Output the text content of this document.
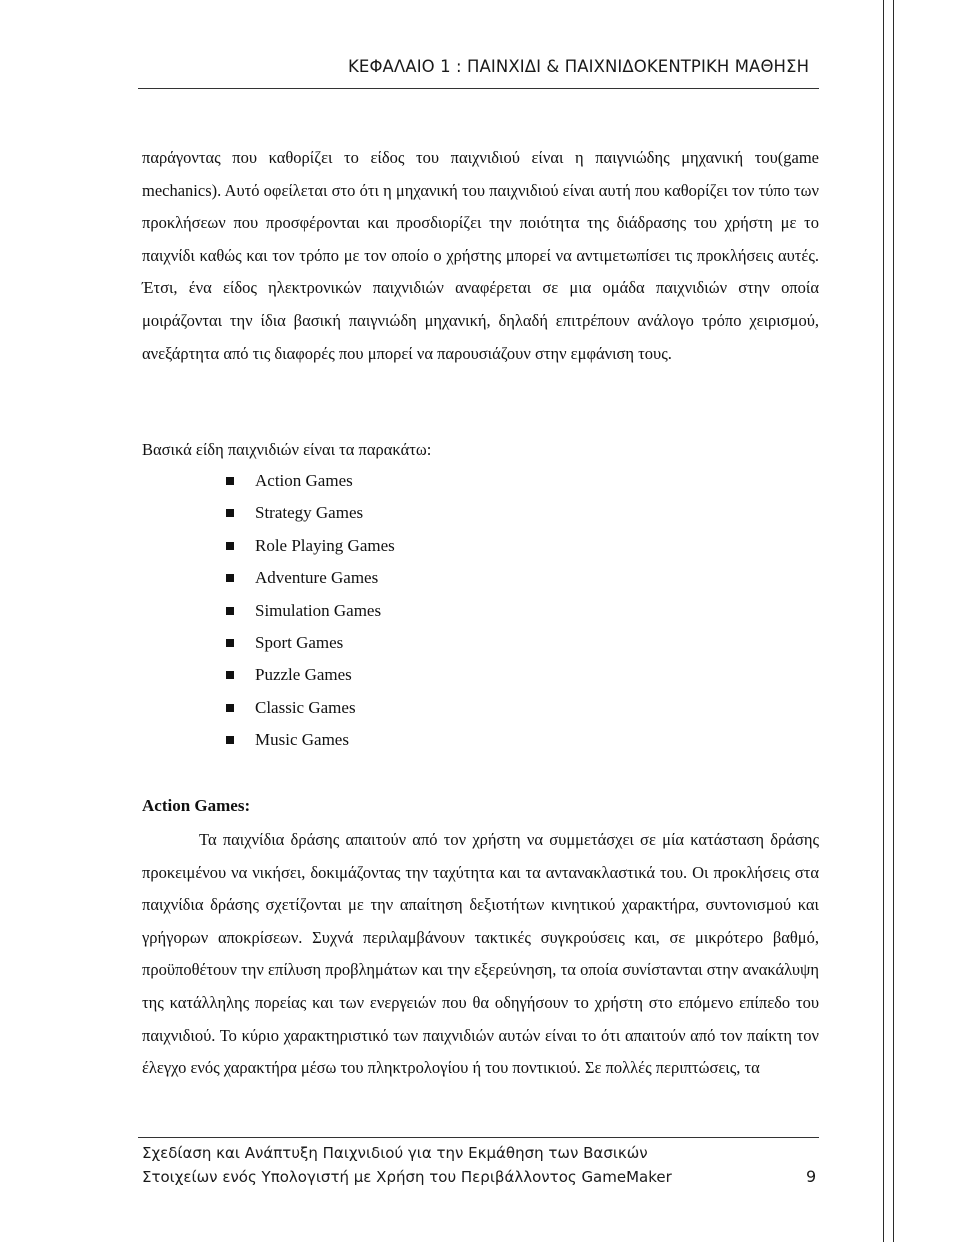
ΚΕΦΑΛΑΙΟ 1 : ΠΑΙΝΧΙΔΙ & ΠΑΙΧΝΙΔΟΚΕΝΤΡΙΚΗ ΜΑΘΗΣΗ

παράγοντας που καθορίζει το είδος του παιχνιδιού είναι η παιγνιώδης μηχανική του(game mechanics). Αυτό οφείλεται στο ότι η μηχανική του παιχνιδιού είναι αυτή που καθορίζει τον τύπο των προκλήσεων που προσφέρονται και προσδιορίζει την ποιότητα της διάδρασης του χρήστη με το παιχνίδι καθώς και τον τρόπο με τον οποίο ο χρήστης μπορεί να αντιμετωπίσει τις προκλήσεις αυτές. Έτσι, ένα είδος ηλεκτρονικών παιχνιδιών αναφέρεται σε μια ομάδα παιχνιδιών στην οποία μοιράζονται την ίδια βασική παιγνιώδη μηχανική, δηλαδή επιτρέπουν ανάλογο τρόπο χειρισμού, ανεξάρτητα από τις διαφορές που μπορεί να παρουσιάζουν στην εμφάνιση τους.

Βασικά είδη παιχνιδιών είναι τα παρακάτω:

Action Games
Strategy Games
Role Playing Games
Adventure Games
Simulation Games
Sport Games
Puzzle Games
Classic Games
Music Games
Action Games:

Τα παιχνίδια δράσης απαιτούν από τον χρήστη να συμμετάσχει σε μία κατάσταση δράσης προκειμένου να νικήσει, δοκιμάζοντας την ταχύτητα και τα αντανακλαστικά του. Οι προκλήσεις στα παιχνίδια δράσης σχετίζονται με την απαίτηση δεξιοτήτων κινητικού χαρακτήρα, συντονισμού και γρήγορων αποκρίσεων. Συχνά περιλαμβάνουν τακτικές συγκρούσεις και, σε μικρότερο βαθμό, προϋποθέτουν την επίλυση προβλημάτων και την εξερεύνηση, τα οποία συνίστανται στην ανακάλυψη της κατάλληλης πορείας και των ενεργειών που θα οδηγήσουν το χρήστη στο επόμενο επίπεδο του παιχνιδιού. Το κύριο χαρακτηριστικό των παιχνιδιών αυτών είναι το ότι απαιτούν από τον παίκτη τον έλεγχο ενός χαρακτήρα μέσω του πληκτρολογίου ή του ποντικιού. Σε πολλές περιπτώσεις, τα

Σχεδίαση και Ανάπτυξη Παιχνιδιού για την Εκμάθηση των Βασικών
Στοιχείων ενός Υπολογιστή με Χρήση του Περιβάλλοντος GameMaker	9
